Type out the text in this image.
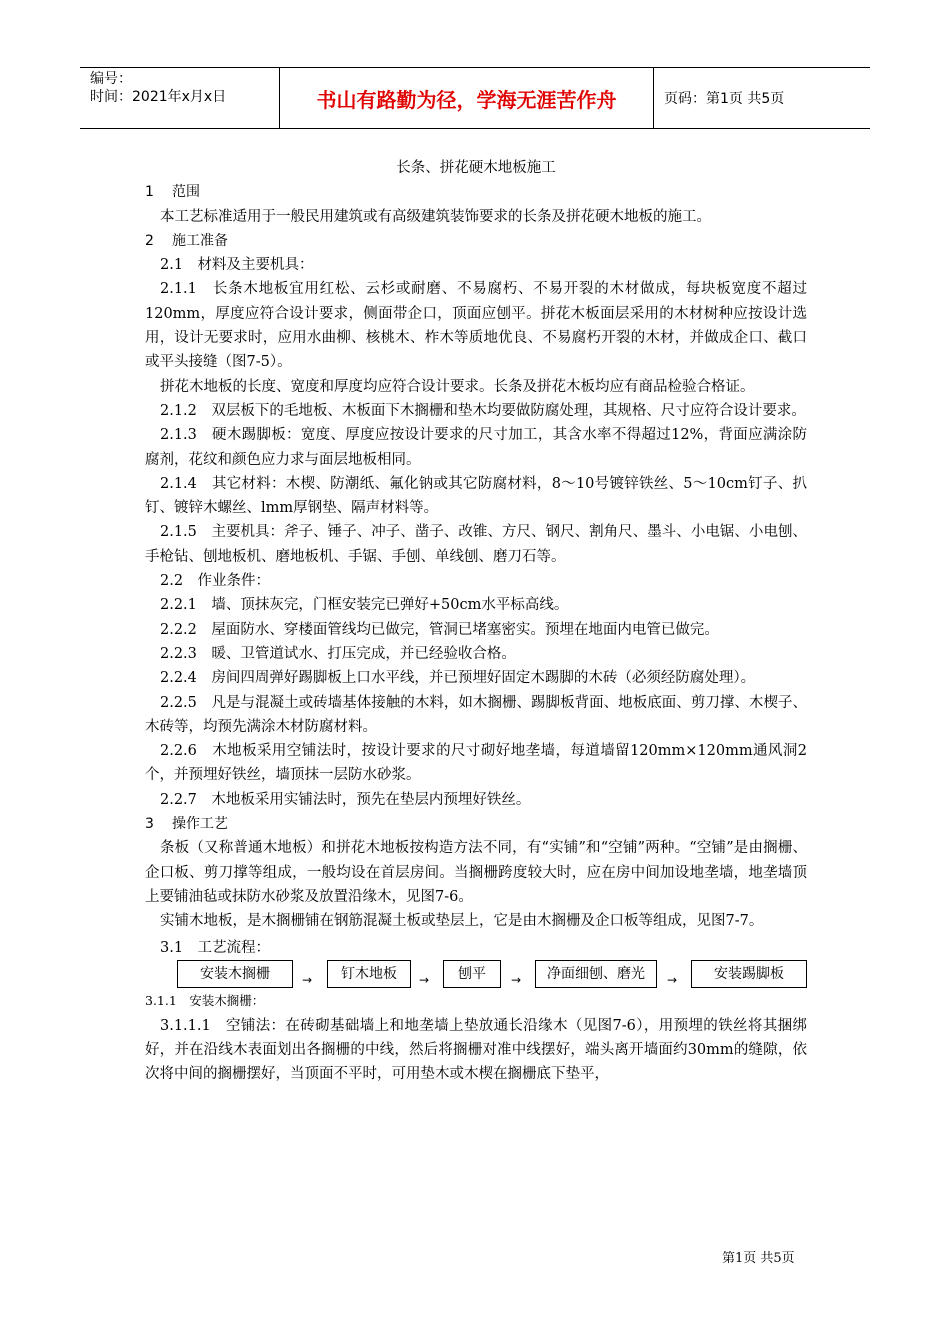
编号：
时间：2021年x月x日	书山有路勤为径，学海无涯苦作舟	页码：第1页 共5页
长条、拼花硬木地板施工
1 范围

本工艺标准适用于一般民用建筑或有高级建筑装饰要求的长条及拼花硬木地板的施工。

2 施工准备

2.1　材料及主要机具：

2.1.1　长条木地板宜用红松、云杉或耐磨、不易腐朽、不易开裂的木材做成，每块板宽度不超过120mm，厚度应符合设计要求，侧面带企口，顶面应刨平。拼花木板面层采用的木材树种应按设计选用，设计无要求时，应用水曲柳、核桃木、柞木等质地优良、不易腐朽开裂的木材，并做成企口、截口或平头接缝（图7-5）。

拼花木地板的长度、宽度和厚度均应符合设计要求。长条及拼花木板均应有商品检验合格证。

2.1.2　双层板下的毛地板、木板面下木搁栅和垫木均要做防腐处理，其规格、尺寸应符合设计要求。

2.1.3　硬木踢脚板：宽度、厚度应按设计要求的尺寸加工，其含水率不得超过12%，背面应满涂防腐剂，花纹和颜色应力求与面层地板相同。

2.1.4　其它材料：木楔、防潮纸、氟化钠或其它防腐材料，8～10号镀锌铁丝、5～10cm钉子、扒钉、镀锌木螺丝、lmm厚钢垫、隔声材料等。

2.1.5　主要机具：斧子、锤子、冲子、凿子、改锥、方尺、钢尺、割角尺、墨斗、小电锯、小电刨、手枪钻、刨地板机、磨地板机、手锯、手刨、单线刨、磨刀石等。

2.2　作业条件：

2.2.1　墙、顶抹灰完，门框安装完已弹好+50cm水平标高线。

2.2.2　屋面防水、穿楼面管线均已做完，管洞已堵塞密实。预埋在地面内电管已做完。

2.2.3　暖、卫管道试水、打压完成，并已经验收合格。

2.2.4　房间四周弹好踢脚板上口水平线，并已预埋好固定木踢脚的木砖（必须经防腐处理）。

2.2.5　凡是与混凝土或砖墙基体接触的木料，如木搁栅、踢脚板背面、地板底面、剪刀撑、木楔子、木砖等，均预先满涂木材防腐材料。

2.2.6　木地板采用空铺法时，按设计要求的尺寸砌好地垄墙，每道墙留120mm×120mm通风洞2个，并预埋好铁丝，墙顶抹一层防水砂浆。

2.2.7　木地板采用实铺法时，预先在垫层内预埋好铁丝。

3 操作工艺

条板（又称普通木地板）和拼花木地板按构造方法不同，有“实铺”和“空铺”两种。“空铺”是由搁栅、企口板、剪刀撑等组成，一般均设在首层房间。当搁栅跨度较大时，应在房中间加设地垄墙，地垄墙顶上要铺油毡或抹防水砂浆及放置沿缘木，见图7-6。

实铺木地板，是木搁栅铺在钢筋混凝土板或垫层上，它是由木搁栅及企口板等组成，见图7-7。

3.1　工艺流程：

安装木搁栅	→	钉木地板	→	刨平	→	净面细刨、磨光	→	安装踢脚板

3.1.1　安装木搁栅：

3.1.1.1　空铺法：在砖砌基础墙上和地垄墙上垫放通长沿缘木（见图7-6），用预埋的铁丝将其捆绑好，并在沿线木表面划出各搁栅的中线，然后将搁栅对准中线摆好，端头离开墙面约30mm的缝隙，依次将中间的搁栅摆好，当顶面不平时，可用垫木或木楔在搁栅底下垫平，

第1页 共5页
